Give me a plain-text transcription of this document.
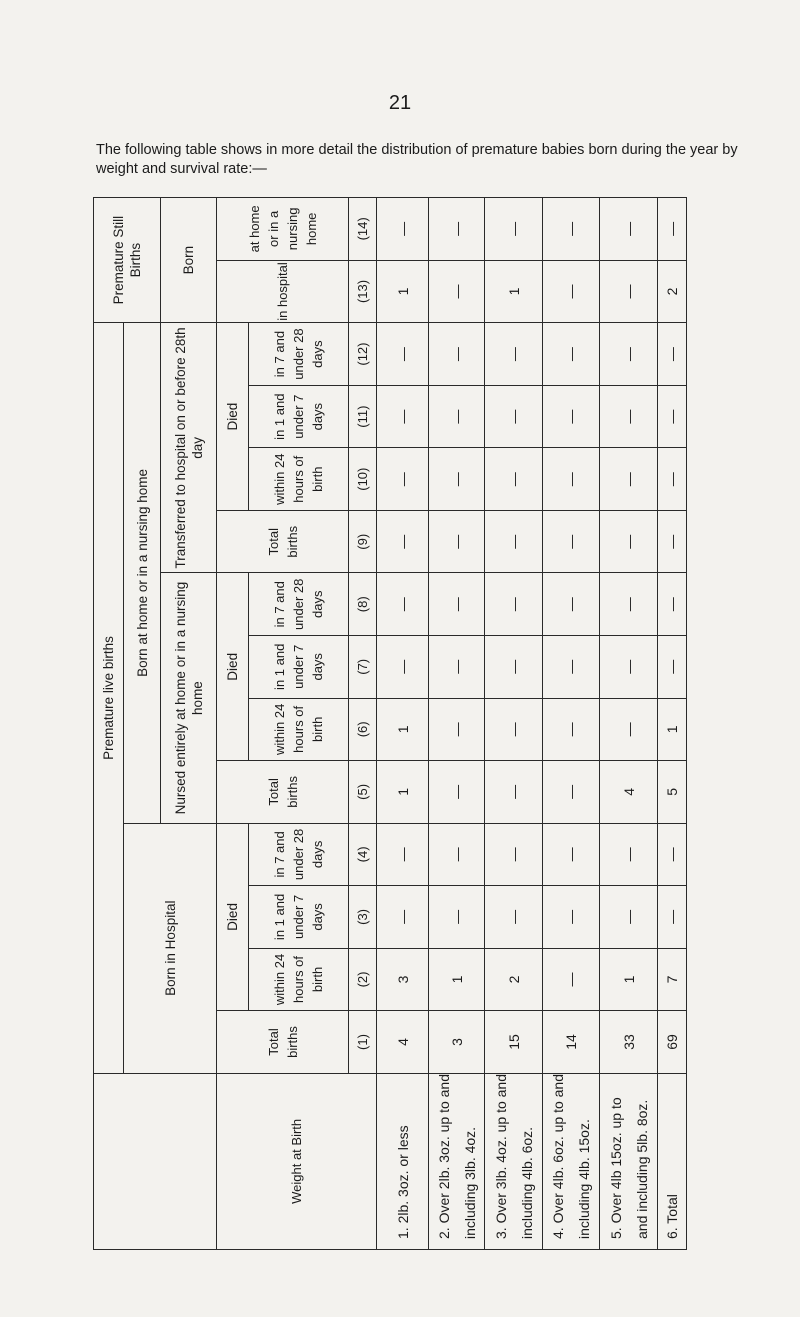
21
The following table shows in more detail the distribution of premature babies born during the year by weight and survival rate:—
	Premature live births												Premature Still Births	
	Born in Hospital				Born at home or in a nursing home									
					Nursed entirely at home or in a nursing home				Transferred to hospital on or before 28th day				Born	
Weight at Birth	Total births	Died			Total births	Died			Total births	Died			in hospital	at home or in a nursing home
		within 24 hours of birth	in 1 and under 7 days	in 7 and under 28 days		within 24 hours of birth	in 1 and under 7 days	in 7 and under 28 days		within 24 hours of birth	in 1 and under 7 days	in 7 and under 28 days		
	(1)	(2)	(3)	(4)	(5)	(6)	(7)	(8)	(9)	(10)	(11)	(12)	(13)	(14)
1. 2lb. 3oz. or less	4	3	—	—	1	1	—	—	—	—	—	—	1	—
2. Over 2lb. 3oz. up to and including 3lb. 4oz.	3	1	—	—	—	—	—	—	—	—	—	—	—	—
3. Over 3lb. 4oz. up to and including 4lb. 6oz.	15	2	—	—	—	—	—	—	—	—	—	—	1	—
4. Over 4lb. 6oz. up to and including 4lb. 15oz.	14	—	—	—	—	—	—	—	—	—	—	—	—	—
5. Over 4lb 15oz. up to and including 5lb. 8oz.	33	1	—	—	4	—	—	—	—	—	—	—	—	—
6. Total	69	7	—	—	5	1	—	—	—	—	—	—	2	—
